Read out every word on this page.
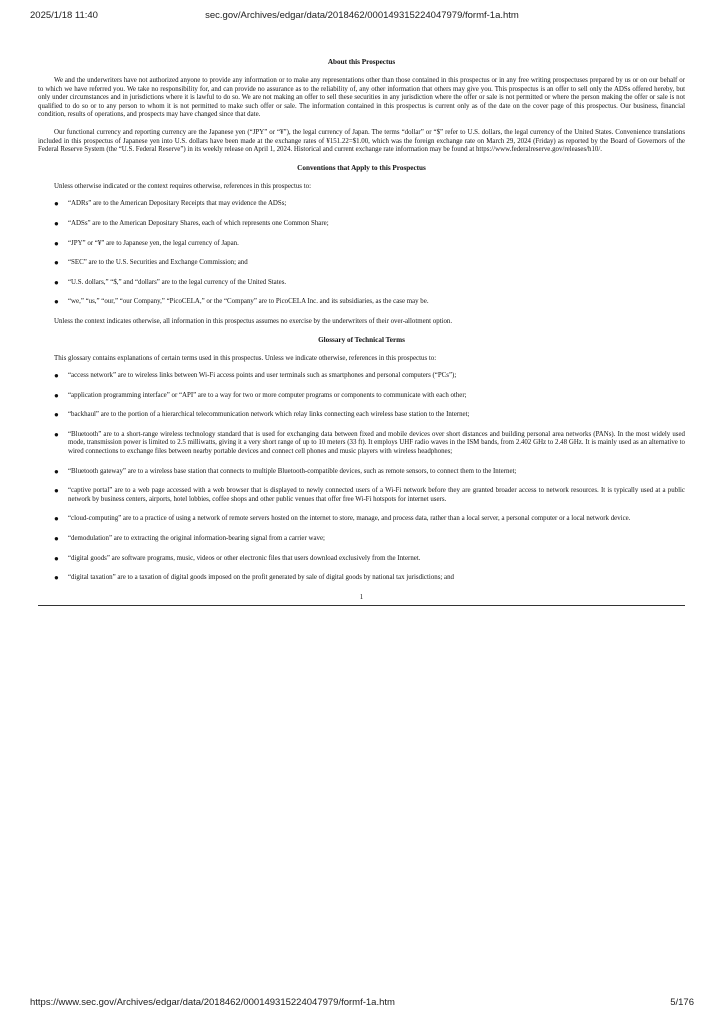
2025/1/18 11:40	sec.gov/Archives/edgar/data/2018462/000149315224047979/formf-1a.htm
About this Prospectus

We and the underwriters have not authorized anyone to provide any information or to make any representations other than those contained in this prospectus or in any free writing prospectuses prepared by us or on our behalf or to which we have referred you. We take no responsibility for, and can provide no assurance as to the reliability of, any other information that others may give you. This prospectus is an offer to sell only the ADSs offered hereby, but only under circumstances and in jurisdictions where it is lawful to do so. We are not making an offer to sell these securities in any jurisdiction where the offer or sale is not permitted or where the person making the offer or sale is not qualified to do so or to any person to whom it is not permitted to make such offer or sale. The information contained in this prospectus is current only as of the date on the cover page of this prospectus. Our business, financial condition, results of operations, and prospects may have changed since that date.

Our functional currency and reporting currency are the Japanese yen (“JPY” or “¥”), the legal currency of Japan. The terms “dollar” or “$” refer to U.S. dollars, the legal currency of the United States. Convenience translations included in this prospectus of Japanese yen into U.S. dollars have been made at the exchange rates of ¥151.22=$1.00, which was the foreign exchange rate on March 29, 2024 (Friday) as reported by the Board of Governors of the Federal Reserve System (the “U.S. Federal Reserve”) in its weekly release on April 1, 2024. Historical and current exchange rate information may be found at https://www.federalreserve.gov/releases/h10/.

Conventions that Apply to this Prospectus

Unless otherwise indicated or the context requires otherwise, references in this prospectus to:

● “ADRs” are to the American Depositary Receipts that may evidence the ADSs;
● “ADSs” are to the American Depositary Shares, each of which represents one Common Share;
● “JPY” or “¥” are to Japanese yen, the legal currency of Japan.
● “SEC” are to the U.S. Securities and Exchange Commission; and
● “U.S. dollars,” “$,” and “dollars” are to the legal currency of the United States.
● “we,” “us,” “our,” “our Company,” “PicoCELA,” or the “Company” are to PicoCELA Inc. and its subsidiaries, as the case may be.

Unless the context indicates otherwise, all information in this prospectus assumes no exercise by the underwriters of their over-allotment option.

Glossary of Technical Terms

This glossary contains explanations of certain terms used in this prospectus. Unless we indicate otherwise, references in this prospectus to:

● “access network” are to wireless links between Wi-Fi access points and user terminals such as smartphones and personal computers (“PCs”);
● “application programming interface” or “API” are to a way for two or more computer programs or components to communicate with each other;
● “backhaul” are to the portion of a hierarchical telecommunication network which relay links connecting each wireless base station to the Internet;
● “Bluetooth” are to a short-range wireless technology standard that is used for exchanging data between fixed and mobile devices over short distances and building personal area networks (PANs). In the most widely used mode, transmission power is limited to 2.5 milliwatts, giving it a very short range of up to 10 meters (33 ft). It employs UHF radio waves in the ISM bands, from 2.402 GHz to 2.48 GHz. It is mainly used as an alternative to wired connections to exchange files between nearby portable devices and connect cell phones and music players with wireless headphones;
● “Bluetooth gateway” are to a wireless base station that connects to multiple Bluetooth-compatible devices, such as remote sensors, to connect them to the Internet;
● “captive portal” are to a web page accessed with a web browser that is displayed to newly connected users of a Wi-Fi network before they are granted broader access to network resources. It is typically used at a public network by business centers, airports, hotel lobbies, coffee shops and other public venues that offer free Wi-Fi hotspots for internet users.
● “cloud-computing” are to a practice of using a network of remote servers hosted on the internet to store, manage, and process data, rather than a local server, a personal computer or a local network device.
● “demodulation” are to extracting the original information-bearing signal from a carrier wave;
● “digital goods” are software programs, music, videos or other electronic files that users download exclusively from the Internet.
● “digital taxation” are to a taxation of digital goods imposed on the profit generated by sale of digital goods by national tax jurisdictions; and
1
https://www.sec.gov/Archives/edgar/data/2018462/000149315224047979/formf-1a.htm	5/176
